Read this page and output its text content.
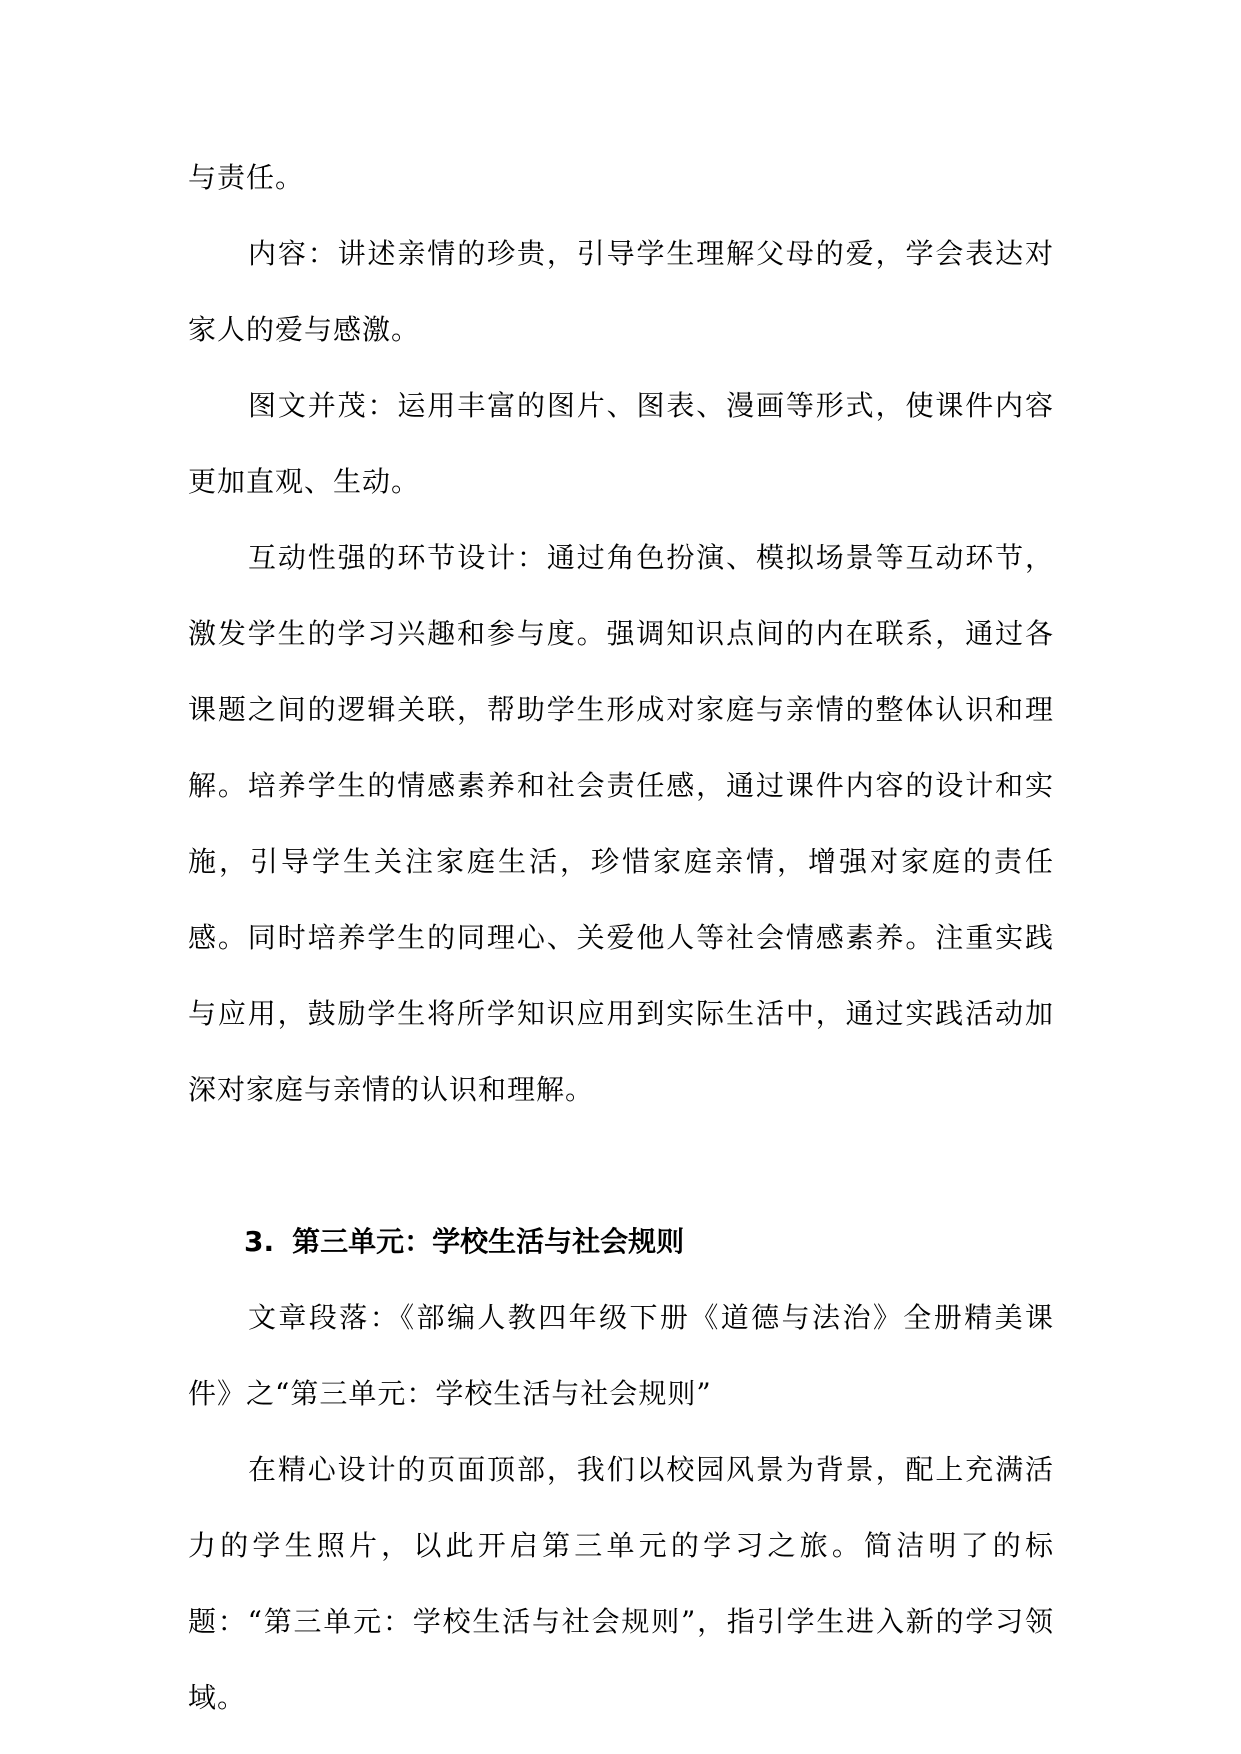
与责任。

内容：讲述亲情的珍贵，引导学生理解父母的爱，学会表达对家人的爱与感激。

图文并茂：运用丰富的图片、图表、漫画等形式，使课件内容更加直观、生动。

互动性强的环节设计：通过角色扮演、模拟场景等互动环节，激发学生的学习兴趣和参与度。强调知识点间的内在联系，通过各课题之间的逻辑关联，帮助学生形成对家庭与亲情的整体认识和理解。培养学生的情感素养和社会责任感，通过课件内容的设计和实施，引导学生关注家庭生活，珍惜家庭亲情，增强对家庭的责任感。同时培养学生的同理心、关爱他人等社会情感素养。注重实践与应用，鼓励学生将所学知识应用到实际生活中，通过实践活动加深对家庭与亲情的认识和理解。

3. 第三单元：学校生活与社会规则

文章段落：《部编人教四年级下册《道德与法治》全册精美课件》之“第三单元：学校生活与社会规则”

在精心设计的页面顶部，我们以校园风景为背景，配上充满活力的学生照片，以此开启第三单元的学习之旅。简洁明了的标题：“第三单元：学校生活与社会规则”，指引学生进入新的学习领域。
